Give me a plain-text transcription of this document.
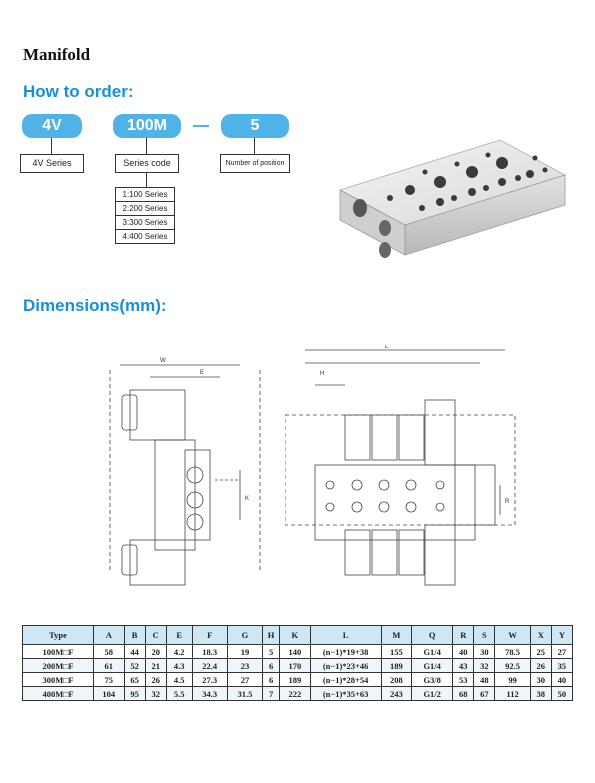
Manifold
How to order:
4V	100M	5
4V Series	Series code	Number of position
1:100 Series
2:200 Series
3:300 Series
4:400 Series
Dimensions(mm):
W
E
K
L
H
R
Type	A	B	C	E	F	G	H	K	L	M	Q	R	S	W	X	Y
100M□F	58	44	20	4.2	18.3	19	5	140	(n−1)*19+38	155	G1/4	40	30	78.5	25	27
200M□F	61	52	21	4.3	22.4	23	6	170	(n−1)*23+46	189	G1/4	43	32	92.5	26	35
300M□F	75	65	26	4.5	27.3	27	6	189	(n−1)*28+54	208	G3/8	53	48	99	30	40
400M□F	104	95	32	5.5	34.3	31.5	7	222	(n−1)*35+63	243	G1/2	68	67	112	38	50
